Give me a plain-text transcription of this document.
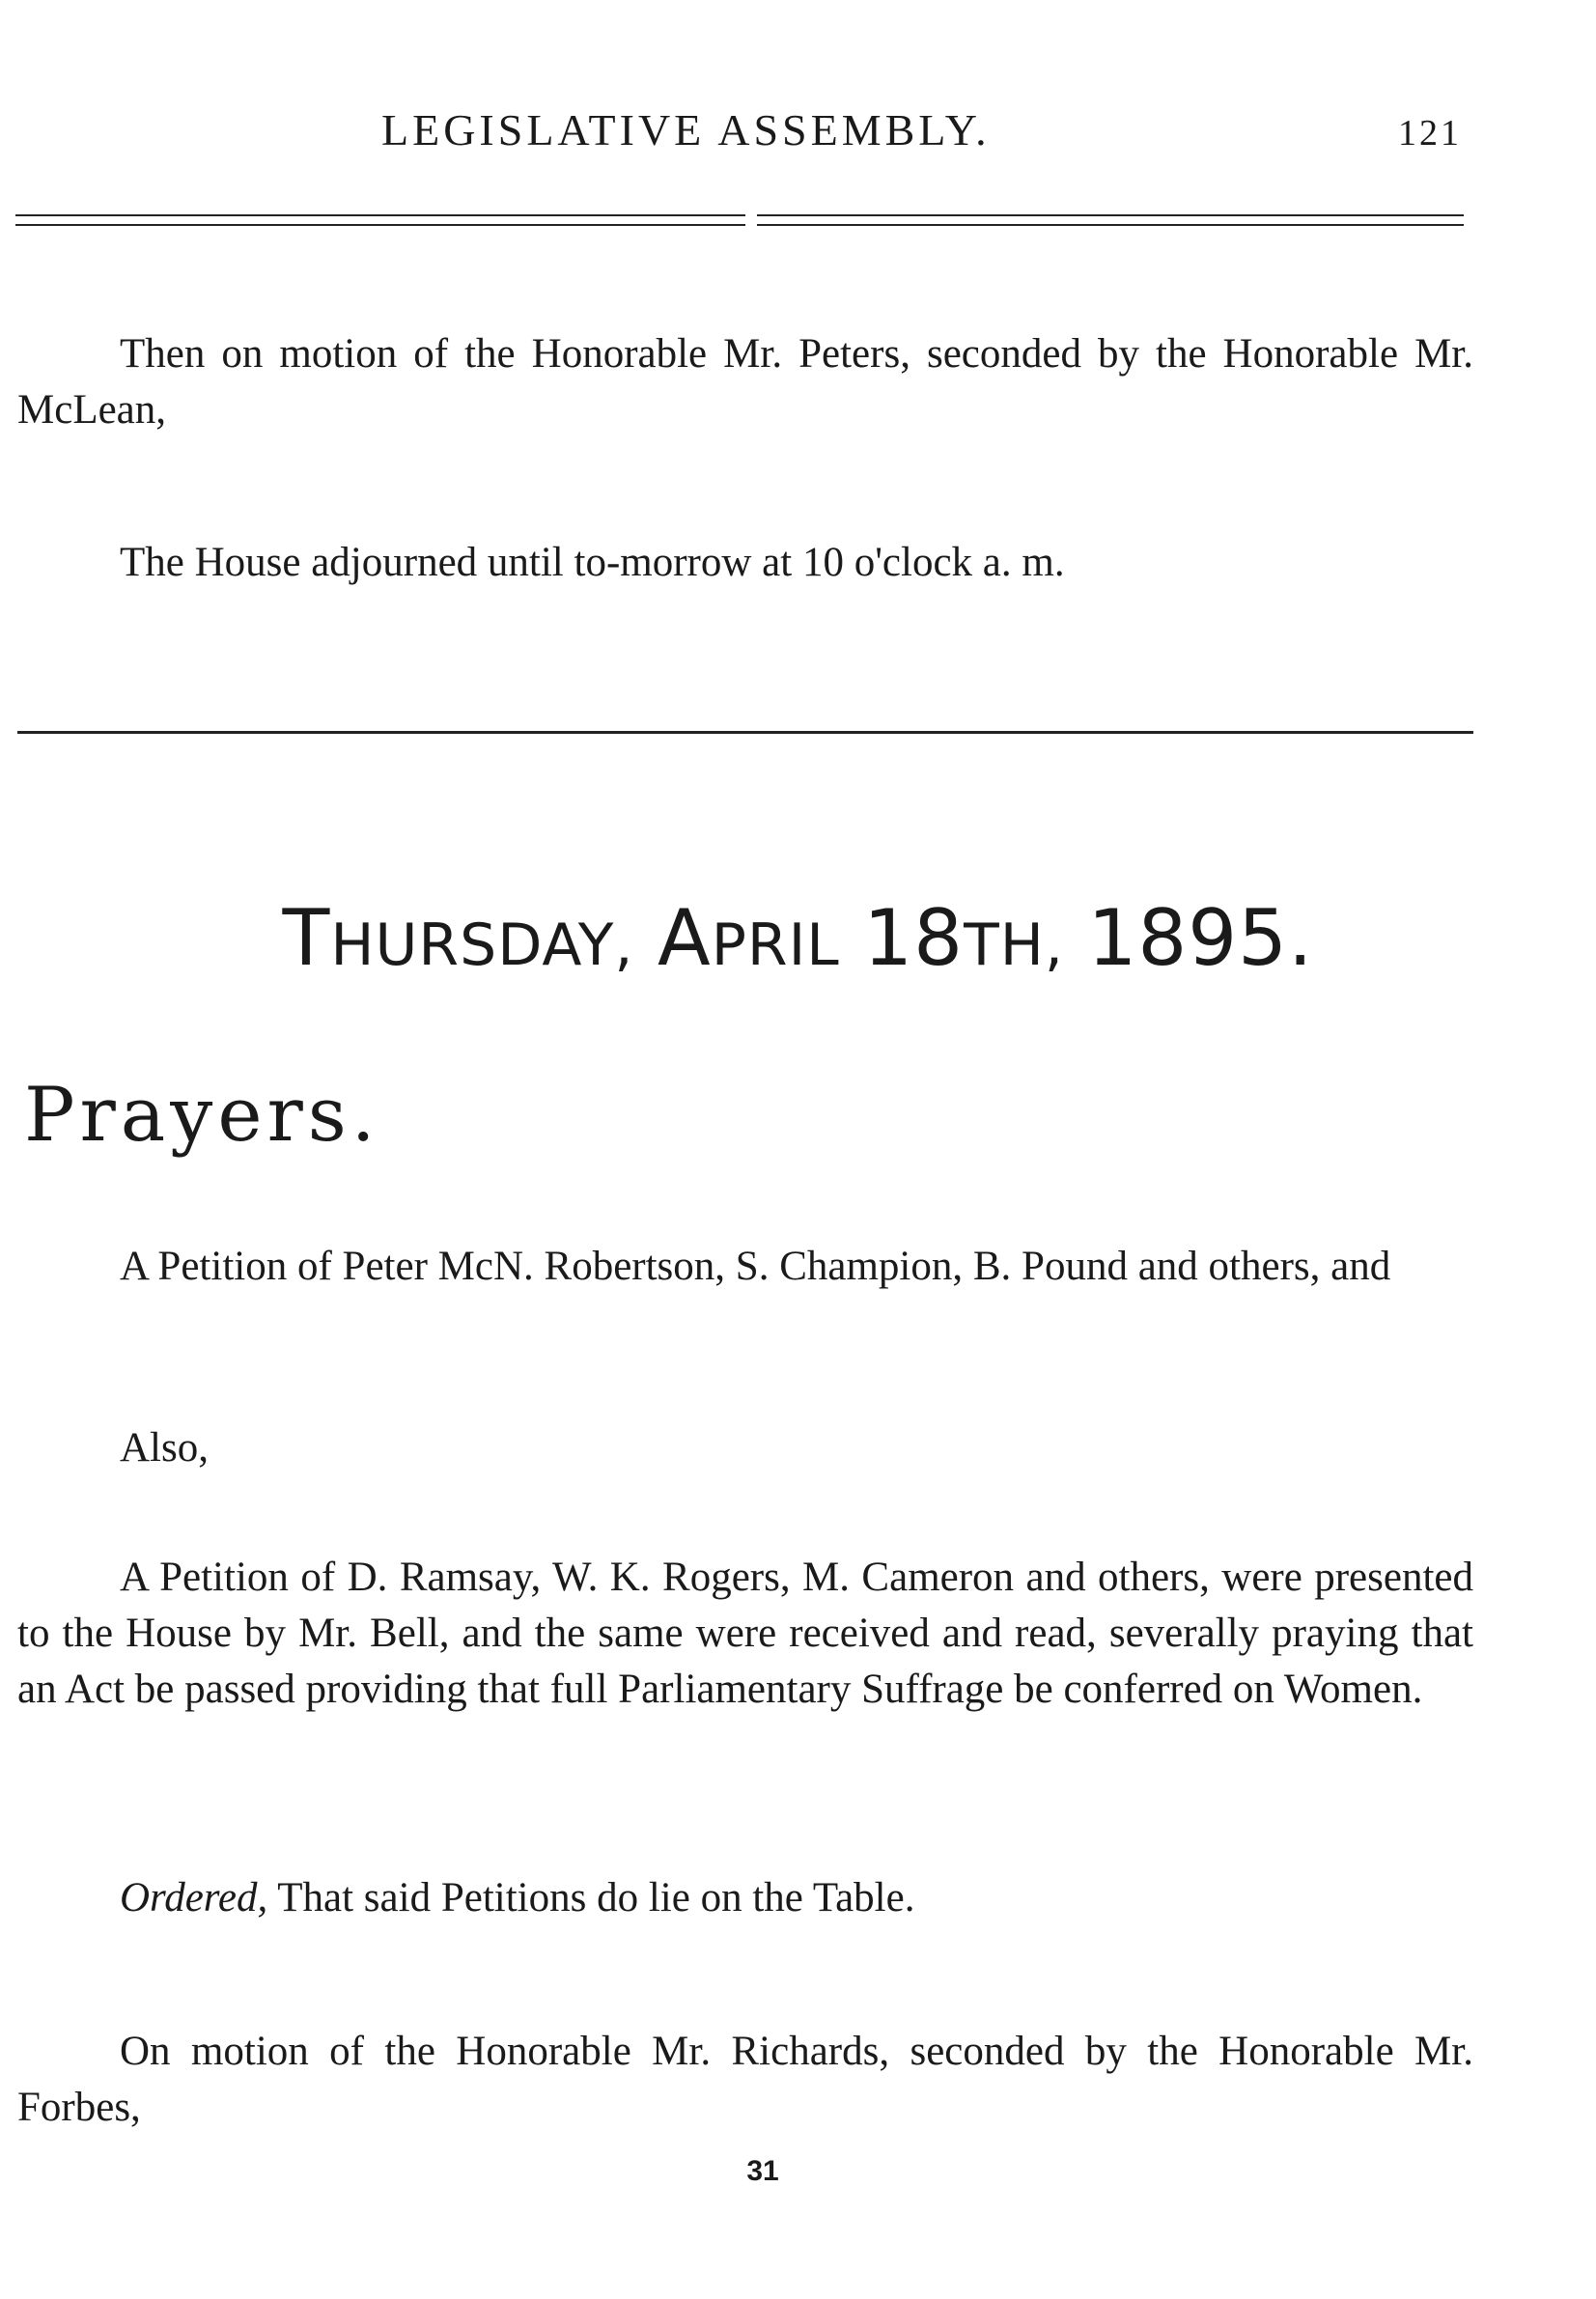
LEGISLATIVE ASSEMBLY.	121

Then on motion of the Honorable Mr. Peters, seconded by the Honorable Mr. McLean,

The House adjourned until to-morrow at 10 o'clock a. m.

THURSDAY, APRIL 18TH, 1895.
Prayers.

A Petition of Peter McN. Robertson, S. Champion, B. Pound and others, and

Also,

A Petition of D. Ramsay, W. K. Rogers, M. Cameron and others, were presented to the House by Mr. Bell, and the same were received and read, severally praying that an Act be passed providing that full Parliamentary Suffrage be conferred on Women.

Ordered, That said Petitions do lie on the Table.

On motion of the Honorable Mr. Richards, seconded by the Honorable Mr. Forbes,

31
